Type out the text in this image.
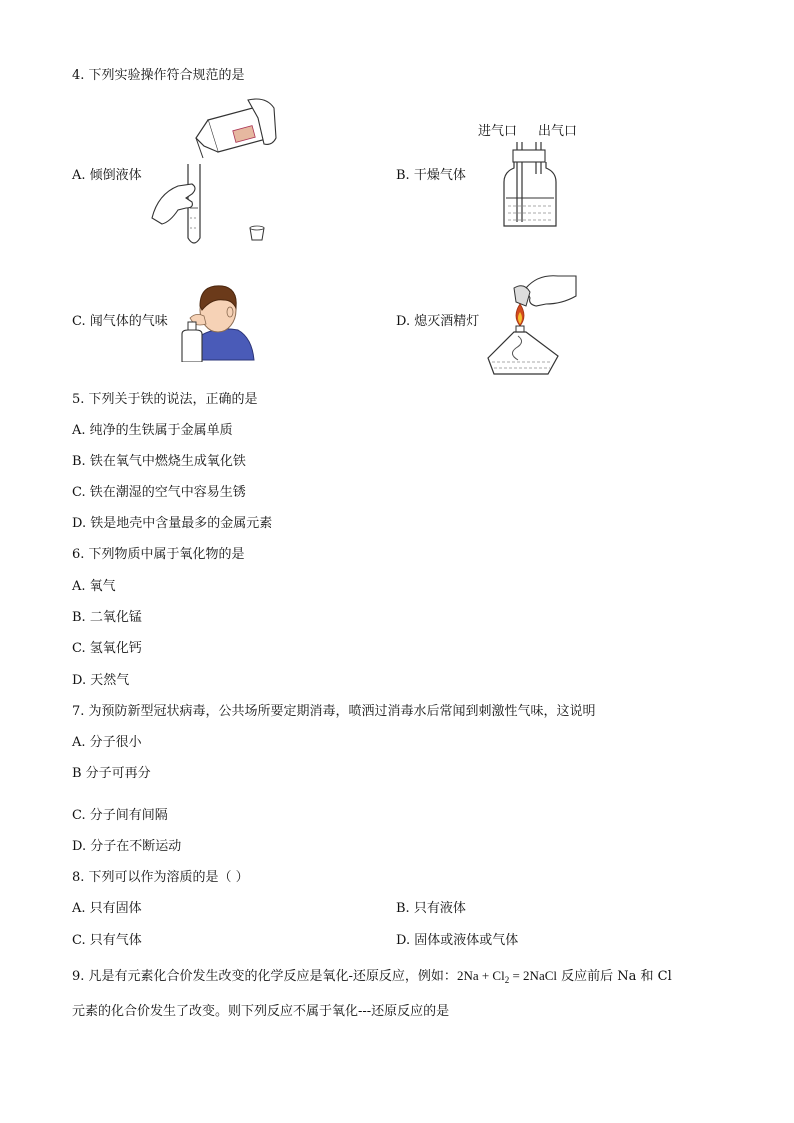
4. 下列实验操作符合规范的是
A. 倾倒液体
进气口 出气口
B. 干燥气体
C. 闻气体的气味	D. 熄灭酒精灯
5. 下列关于铁的说法，正确的是
A. 纯净的生铁属于金属单质
B. 铁在氧气中燃烧生成氧化铁
C. 铁在潮湿的空气中容易生锈
D. 铁是地壳中含量最多的金属元素
6. 下列物质中属于氧化物的是
A. 氧气
B. 二氧化锰
C. 氢氧化钙
D. 天然气
7. 为预防新型冠状病毒，公共场所要定期消毒，喷洒过消毒水后常闻到刺激性气味，这说明
A. 分子很小
B 分子可再分
C. 分子间有间隔
D. 分子在不断运动
8. 下列可以作为溶质的是（ ）
A. 只有固体	B. 只有液体
C. 只有气体	D. 固体或液体或气体
9. 凡是有元素化合价发生改变的化学反应是氧化-还原反应，例如：$2Na + Cl_2$ = 2NaCl 反应前后 Na 和 Cl
元素的化合价发生了改变。则下列反应不属于氧化---还原反应的是
